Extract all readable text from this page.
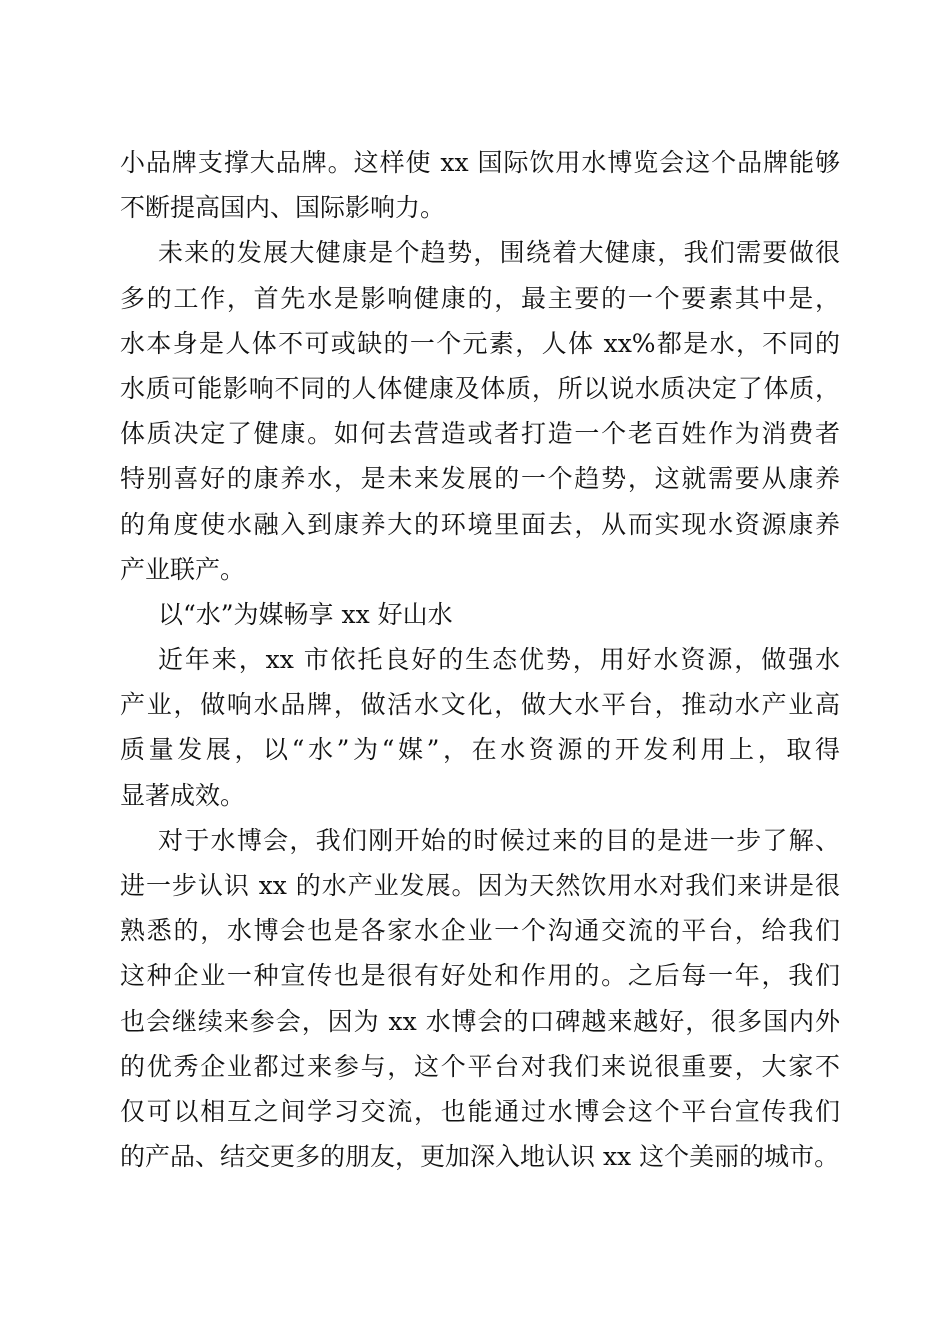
小品牌支撑大品牌。这样使 xx 国际饮用水博览会这个品牌能够
不断提高国内、国际影响力。
未来的发展大健康是个趋势，围绕着大健康，我们需要做很
多的工作，首先水是影响健康的，最主要的一个要素其中是，
水本身是人体不可或缺的一个元素，人体 xx%都是水，不同的
水质可能影响不同的人体健康及体质，所以说水质决定了体质，
体质决定了健康。如何去营造或者打造一个老百姓作为消费者
特别喜好的康养水，是未来发展的一个趋势，这就需要从康养
的角度使水融入到康养大的环境里面去，从而实现水资源康养
产业联产。
以“水”为媒畅享 xx 好山水
近年来，xx 市依托良好的生态优势，用好水资源，做强水
产业，做响水品牌，做活水文化，做大水平台，推动水产业高
质量发展，以“水”为“媒”，在水资源的开发利用上，取得
显著成效。
对于水博会，我们刚开始的时候过来的目的是进一步了解、
进一步认识 xx 的水产业发展。因为天然饮用水对我们来讲是很
熟悉的，水博会也是各家水企业一个沟通交流的平台，给我们
这种企业一种宣传也是很有好处和作用的。之后每一年，我们
也会继续来参会，因为 xx 水博会的口碑越来越好，很多国内外
的优秀企业都过来参与，这个平台对我们来说很重要，大家不
仅可以相互之间学习交流，也能通过水博会这个平台宣传我们
的产品、结交更多的朋友，更加深入地认识 xx 这个美丽的城市。
